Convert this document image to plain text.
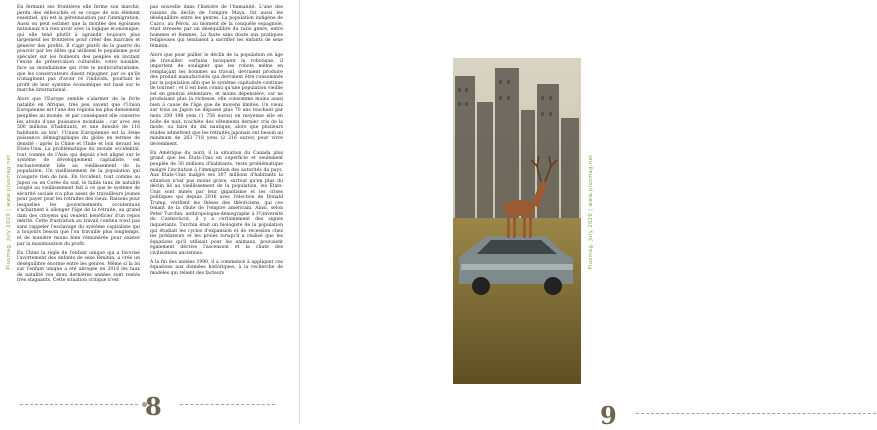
En fermant ses frontières elle ferme son marché, perdu des débouchés et se coupe de son élément essentiel, qui est la pérennisation par l'immigration. Aussi on peut estimer que la montée des égoïsmes nationaux n'a rien avoir avec la logique économique, qui elle tend plutôt à agrandir toujours plus largement les frontières pour créer des marchés et générer des profits. Il s'agit plutôt de la guerre du pouvoir par les élites qui utilisent le populisme pour spéculer sur les humeurs des peuples en incitant l'envie de préservation culturelle, votre nuisible, face au mondialisme qui crée le multiculturalisme, que les conservateurs disent répugner, par ce qu'ils n'imaginent pas d'avoir ré l'individu, pourtant le profit de leur système économique est basé sur le marché international.

Alors que l'Europe semble s'alarmer de la forte natalité en Afrique, très peu savent que l'Union Européenne est l'une des régions les plus densément peuplées au monde, et par conséquent elle conserve les atouts d'une puissance mondiale ; car avec ses 500 millions d'habitants, et une densité de 116 habitants au km², l'Union Européenne est la 3ème puissance démographique du globe en termes de densité ; après la Chine et l'Inde et loin devant les États-Unis. La problématique du monde occidental, tout comme de l'Asie qui depuis s'est aligné sur le système de développement capitaliste, est exclusivement liée au vieillissement de la population. Un vieillissement de la population qui n'augure rien de bon. En Occident, tout comme au Japon ou en Corée du sud, le faible taux de natalité couplé au vieillissement fait à ce que le système de sécurité sociale n'a plus assez de travailleurs jeunes pour payer pour les retraites des vieux. Raisons pour lesquelles les gouvernements occidentaux s'acharnent à allonger l'âge de la retraite, au grand dam des citoyens qui veulent bénéficier d'un repos mérité. Cette frustration au travail continu n'est pas sans rappeler l'esclavage du système capitaliste qui a toujours besoin que l'on travaille plus longtemps, et de manière moins bien rémunérée pour exister par la maximisation du profit.

En Chine la règle de l'enfant unique qui a favorisé l'avortement des enfants de sexe féminin, a créé un déséquilibre énorme entre les genres. Même si la loi sur l'enfant unique a été abrogée en 2016 les taux de natalité ces deux dernières années sont restés très stagnants. Cette situation critique n'est

pas nouvelle dans l'histoire de l'humanité. L'une des raisons du déclin de l'empire Maya, fut aussi les déséquilibre entre les genres. La population indigène de Cuzco, au Pérou, au moment de la conquête espagnole, était stressée par un déséquilibre du ratio genre, entre hommes et femmes. La faute sans doute aux pratiques religieuses qui tendaient à sacrifier les enfants de sexe féminin.

Alors que pour pallier le déclin de la population en âge de travailler, certains invoquent la robotique, il importent de souligner que les robots même en remplaçant les hommes au travail, devraient produire des produit manufacturés qui devraient être consommés par la population afin que le système capitaliste continue de tourner ; et il est bien connu qu'une population vieillie est en général sédentaire, et moins dépensière, car ne produisant plus la richesse, elle consomme moins aussi bien à cause de l'âge que de moyens limités. Un vieux sur trois au Japon ne dépasse plus 70 ans touchant par mois 209 198 yens (1 758 euros) en moyenne elle en boîte de nuit, n'achète des vêtements dernier cris de la mode, ou faire du ski nautique, alors que plusieurs études admettent que les retraités japonais ont besoin au minimum de 263 718 yens (2 216 euros) pour vivre décemment.

En Amérique du nord, il la situation du Canada plus grand que les États-Unis en superficie et seulement peuplée de 30 millions d'habitants, reste problématique malgré l'incitation à l'immigration des autorités du pays. Aux États-Unis malgré ses 307 millions d'habitants la situation n'est pas moins grave, surtout qu'en plus du déclin lié au vieillissement de la population, les États-Unis sont minés par leur gigantisme et les crises politiques qui depuis 2016 avec l'élection de Donald Trump, vérifient les thèses des théoriciens, qui ces tenant de la chute de l'empire américain. Ainsi, selon Peter Turchin, anthropologue-démographe à l'Université du Connecticut, il y a certainement des signes inquiétants. Turchin était un biologiste de la population qui étudiait les cycles d'expansion et de récession chez les prédateurs et les proies lorsqu'il a réalisé que les équations qu'il utilisait pour les animaux, pouvaient également décrire l'ascension et la chute des civilisations anciennes.

À la fin des années 1990, il a commencé à appliquer ces équations aux données historiques, à la recherche de modèles qui relient des facteurs

8	9
Plusmag, July 2020 | www.plusmag.net	Plusmag, July 2020 | www.plusmag.net
